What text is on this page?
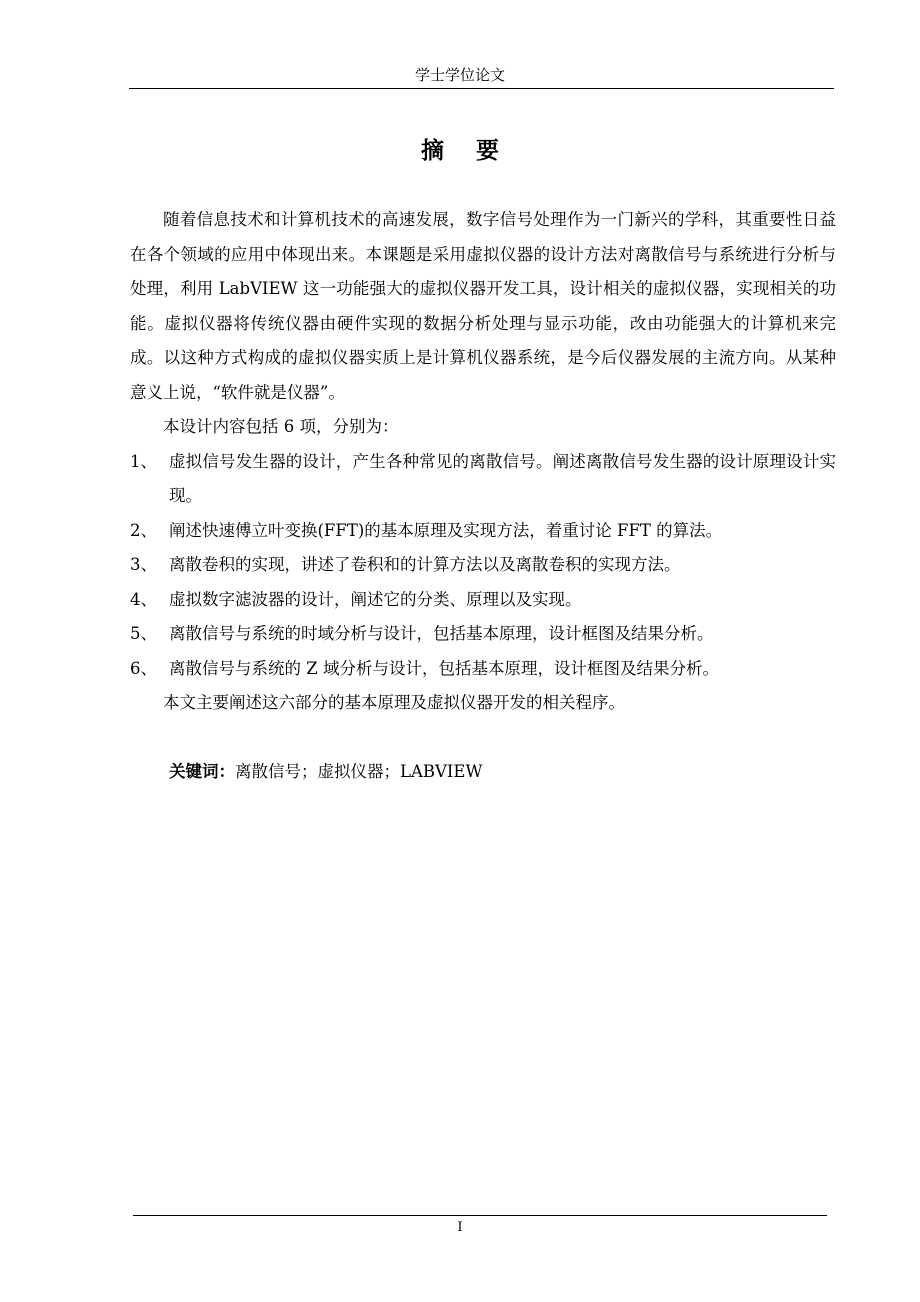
学士学位论文
摘 要

随着信息技术和计算机技术的高速发展，数字信号处理作为一门新兴的学科，其重要性日益在各个领域的应用中体现出来。本课题是采用虚拟仪器的设计方法对离散信号与系统进行分析与处理，利用 LabVIEW 这一功能强大的虚拟仪器开发工具，设计相关的虚拟仪器，实现相关的功能。虚拟仪器将传统仪器由硬件实现的数据分析处理与显示功能，改由功能强大的计算机来完成。以这种方式构成的虚拟仪器实质上是计算机仪器系统，是今后仪器发展的主流方向。从某种意义上说，“软件就是仪器”。

本设计内容包括 6 项，分别为：

1、 虚拟信号发生器的设计，产生各种常见的离散信号。阐述离散信号发生器的设计原理设计实现。
2、 阐述快速傅立叶变换(FFT)的基本原理及实现方法，着重讨论 FFT 的算法。
3、 离散卷积的实现，讲述了卷积和的计算方法以及离散卷积的实现方法。
4、 虚拟数字滤波器的设计，阐述它的分类、原理以及实现。
5、 离散信号与系统的时域分析与设计，包括基本原理，设计框图及结果分析。
6、 离散信号与系统的 Z 域分析与设计，包括基本原理，设计框图及结果分析。

本文主要阐述这六部分的基本原理及虚拟仪器开发的相关程序。

关键词：离散信号；虚拟仪器；LABVIEW

I
